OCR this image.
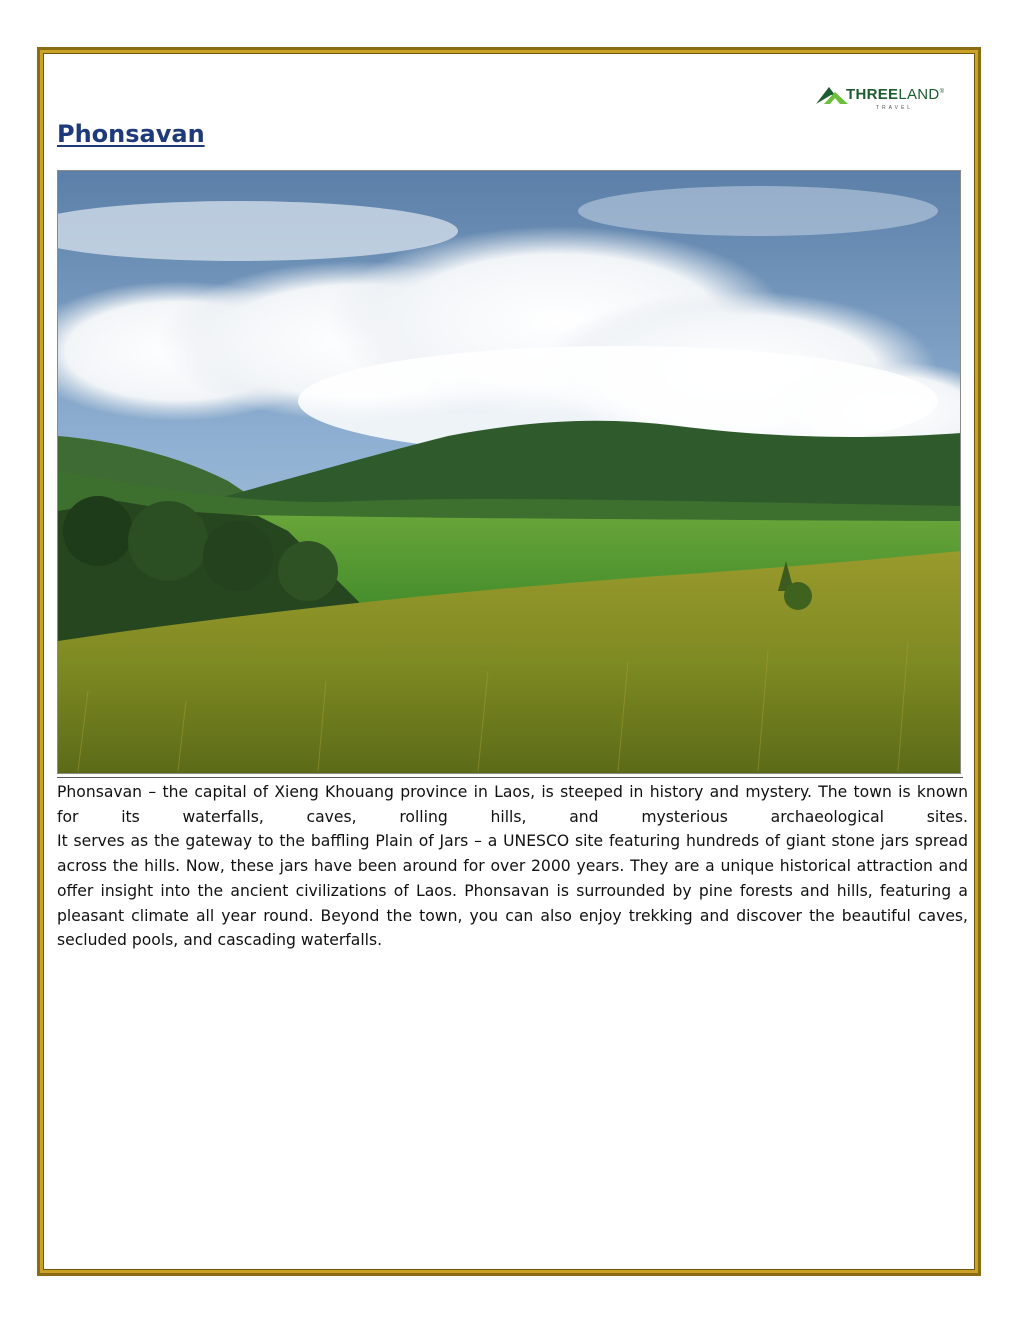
THREELAND®
TRAVEL
Phonsavan
Phonsavan – the capital of Xieng Khouang province in Laos, is steeped in history and mystery. The town is known for its waterfalls, caves, rolling hills, and mysterious archaeological sites.
It serves as the gateway to the baffling Plain of Jars – a UNESCO site featuring hundreds of giant stone jars spread across the hills. Now, these jars have been around for over 2000 years. They are a unique historical attraction and offer insight into the ancient civilizations of Laos. Phonsavan is surrounded by pine forests and hills, featuring a pleasant climate all year round. Beyond the town, you can also enjoy trekking and discover the beautiful caves, secluded pools, and cascading waterfalls.
